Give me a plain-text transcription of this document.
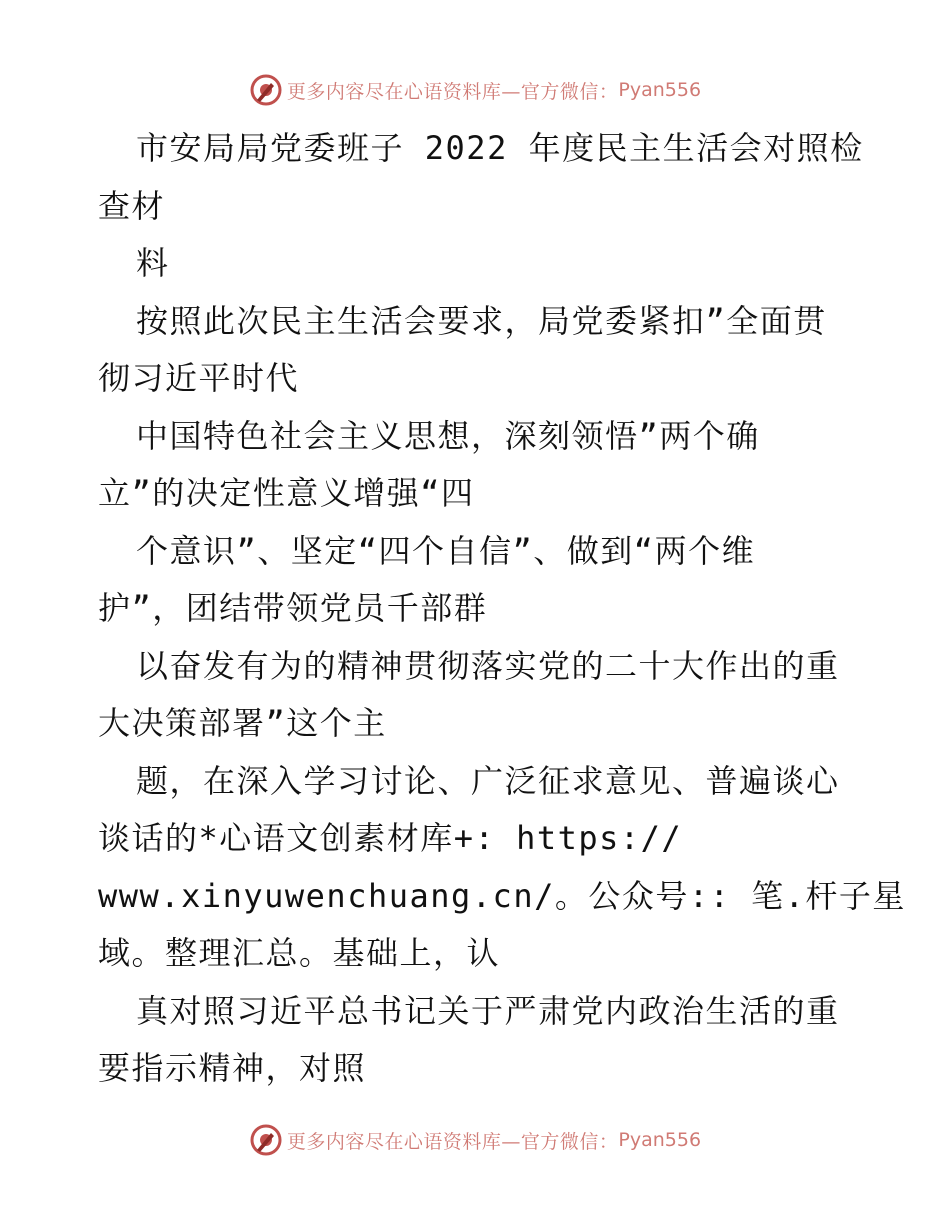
更多内容尽在心语资料库—官方微信： Pyan556
市安局局党委班子 2022 年度民主生活会对照检
查材
料
按照此次民主生活会要求，局党委紧扣”全面贯
彻习近平时代
中国特色社会主义思想，深刻领悟”两个确
立”的决定性意义增强“四
个意识”、坚定“四个自信”、做到“两个维
护”，团结带领党员千部群
以奋发有为的精神贯彻落实党的二十大作出的重
大决策部署”这个主
题，在深入学习讨论、广泛征求意见、普遍谈心
谈话的*心语文创素材库+: https://
www.xinyuwenchuang.cn/。公众号:: 笔.杆子星
域。整理汇总。基础上，认
真对照习近平总书记关于严肃党内政治生活的重
要指示精神，对照
更多内容尽在心语资料库—官方微信： Pyan556
